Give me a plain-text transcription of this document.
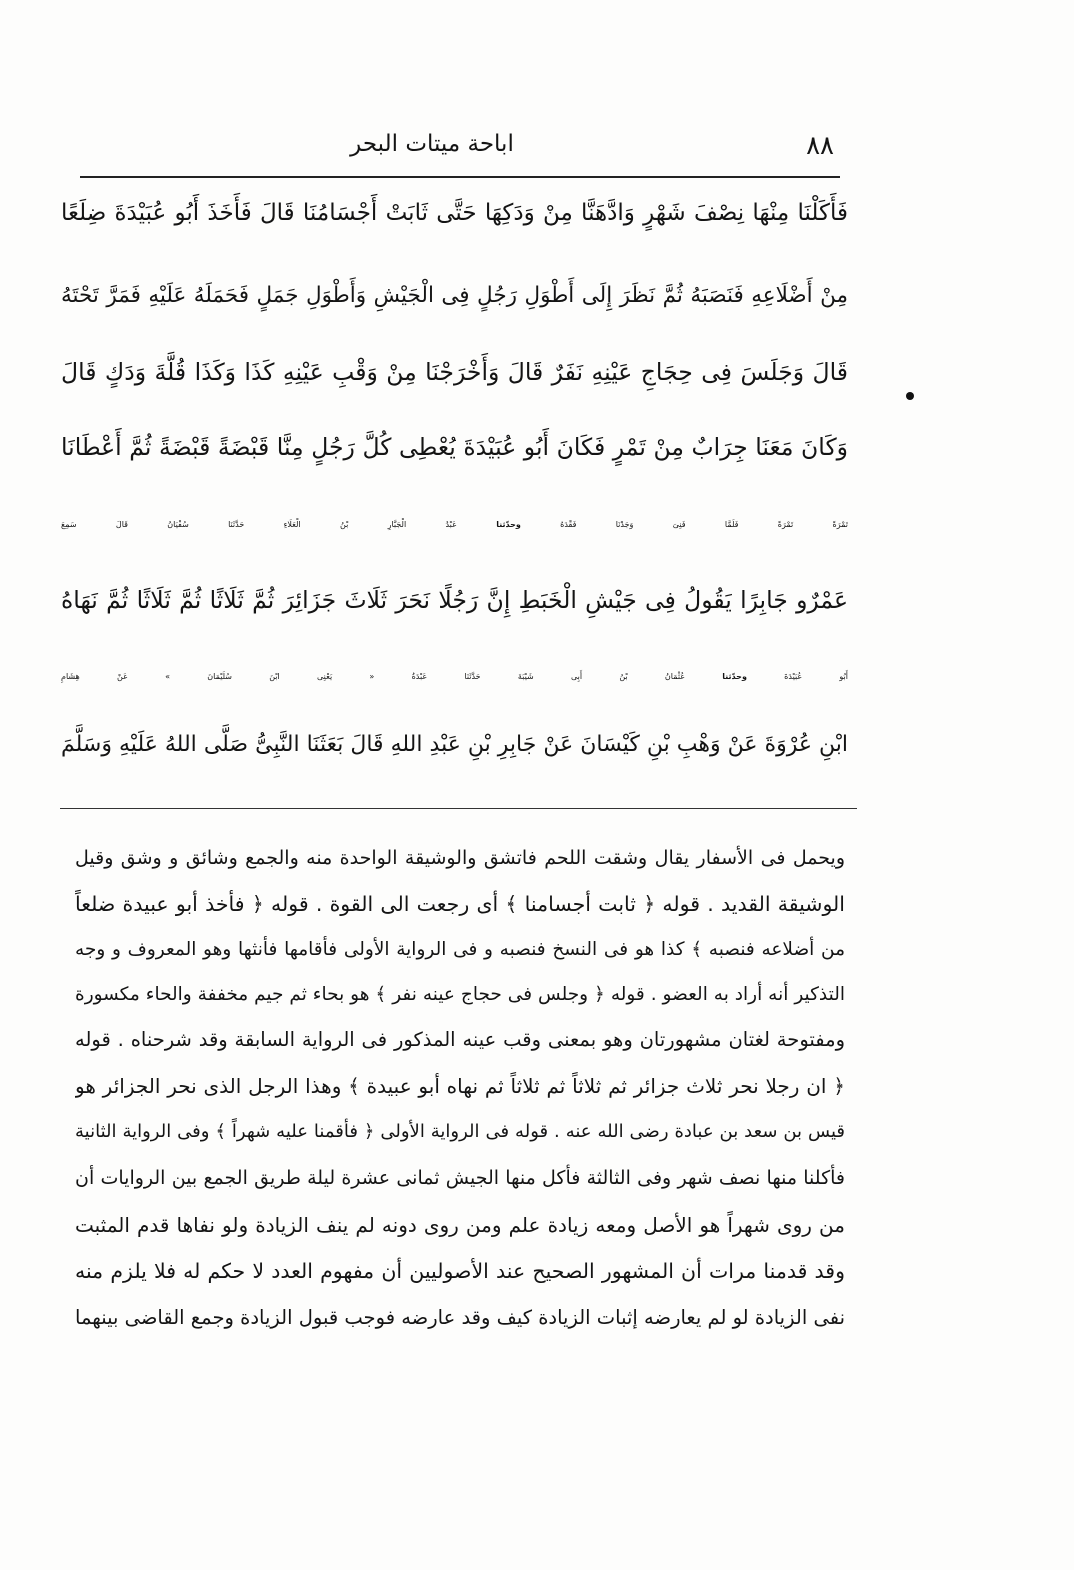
٨٨
اباحة ميتات البحر
فَأَكَلْنَا مِنْهَا نِصْفَ شَهْرٍ وَادَّهَنَّا مِنْ وَدَكِهَا حَتَّى ثَابَتْ أَجْسَامُنَا قَالَ فَأَخَذَ أَبُو عُبَيْدَةَ ضِلَعًا
مِنْ أَضْلَاعِهِ فَنَصَبَهُ ثُمَّ نَظَرَ إِلَى أَطْوَلِ رَجُلٍ فِى الْجَيْشِ وَأَطْوَلِ جَمَلٍ فَحَمَلَهُ عَلَيْهِ فَمَرَّ تَحْتَهُ
قَالَ وَجَلَسَ فِى حِجَاجِ عَيْنِهِ نَفَرٌ قَالَ وَأَخْرَجْنَا مِنْ وَقْبِ عَيْنِهِ كَذَا وَكَذَا قُلَّةَ وَدَكٍ قَالَ
وَكَانَ مَعَنَا جِرَابٌ مِنْ تَمْرٍ فَكَانَ أَبُو عُبَيْدَةَ يُعْطِى كُلَّ رَجُلٍ مِنَّا قَبْضَةً قَبْضَةً ثُمَّ أَعْطَانَا
تَمْرَةً تَمْرَةً فَلَمَّا فَنِىَ وَجَدْنَا فَقْدَهُ وحدّثنا عَبْدُ الْجَبَّارِ بْنُ الْعَلَاءِ حَدَّثَنَا سُفْيَانُ قَالَ سَمِعَ
عَمْرٌو جَابِرًا يَقُولُ فِى جَيْشِ الْخَبَطِ إِنَّ رَجُلًا نَحَرَ ثَلَاثَ جَزَائِرَ ثُمَّ ثَلَاثًا ثُمَّ ثَلَاثًا ثُمَّ نَهَاهُ
أَبُو عُبَيْدَةَ وحدّثنا عُثْمَانُ بْنُ أَبِى شَيْبَةَ حَدَّثَنَا عَبْدَةُ « يَعْنِى ابْنَ سُلَيْمَانَ » عَنْ هِشَامِ
ابْنِ عُرْوَةَ عَنْ وَهْبِ بْنِ كَيْسَانَ عَنْ جَابِرِ بْنِ عَبْدِ اللهِ قَالَ بَعَثَنَا النَّبِىُّ صَلَّى اللهُ عَلَيْهِ وَسَلَّمَ
ويحمل فى الأسفار يقال وشقت اللحم فاتشق والوشيقة الواحدة منه والجمع وشائق و وشق وقيل
الوشيقة القديد . قوله ﴿ ثابت أجسامنا ﴾ أى رجعت الى القوة . قوله ﴿ فأخذ أبو عبيدة ضلعاً
من أضلاعه فنصبه ﴾ كذا هو فى النسخ فنصبه و فى الرواية الأولى فأقامها فأنثها وهو المعروف و وجه
التذكير أنه أراد به العضو . قوله ﴿ وجلس فى حجاج عينه نفر ﴾ هو بحاء ثم جيم مخففة والحاء مكسورة
ومفتوحة لغتان مشهورتان وهو بمعنى وقب عينه المذكور فى الرواية السابقة وقد شرحناه . قوله
﴿ ان رجلا نحر ثلاث جزائر ثم ثلاثاً ثم ثلاثاً ثم نهاه أبو عبيدة ﴾ وهذا الرجل الذى نحر الجزائر هو
قيس بن سعد بن عبادة رضى الله عنه . قوله فى الرواية الأولى ﴿ فأقمنا عليه شهراً ﴾ وفى الرواية الثانية
فأكلنا منها نصف شهر وفى الثالثة فأكل منها الجيش ثمانى عشرة ليلة طريق الجمع بين الروايات أن
من روى شهراً هو الأصل ومعه زيادة علم ومن روى دونه لم ينف الزيادة ولو نفاها قدم المثبت
وقد قدمنا مرات أن المشهور الصحيح عند الأصوليين أن مفهوم العدد لا حكم له فلا يلزم منه
نفى الزيادة لو لم يعارضه إثبات الزيادة كيف وقد عارضه فوجب قبول الزيادة وجمع القاضى بينهما
